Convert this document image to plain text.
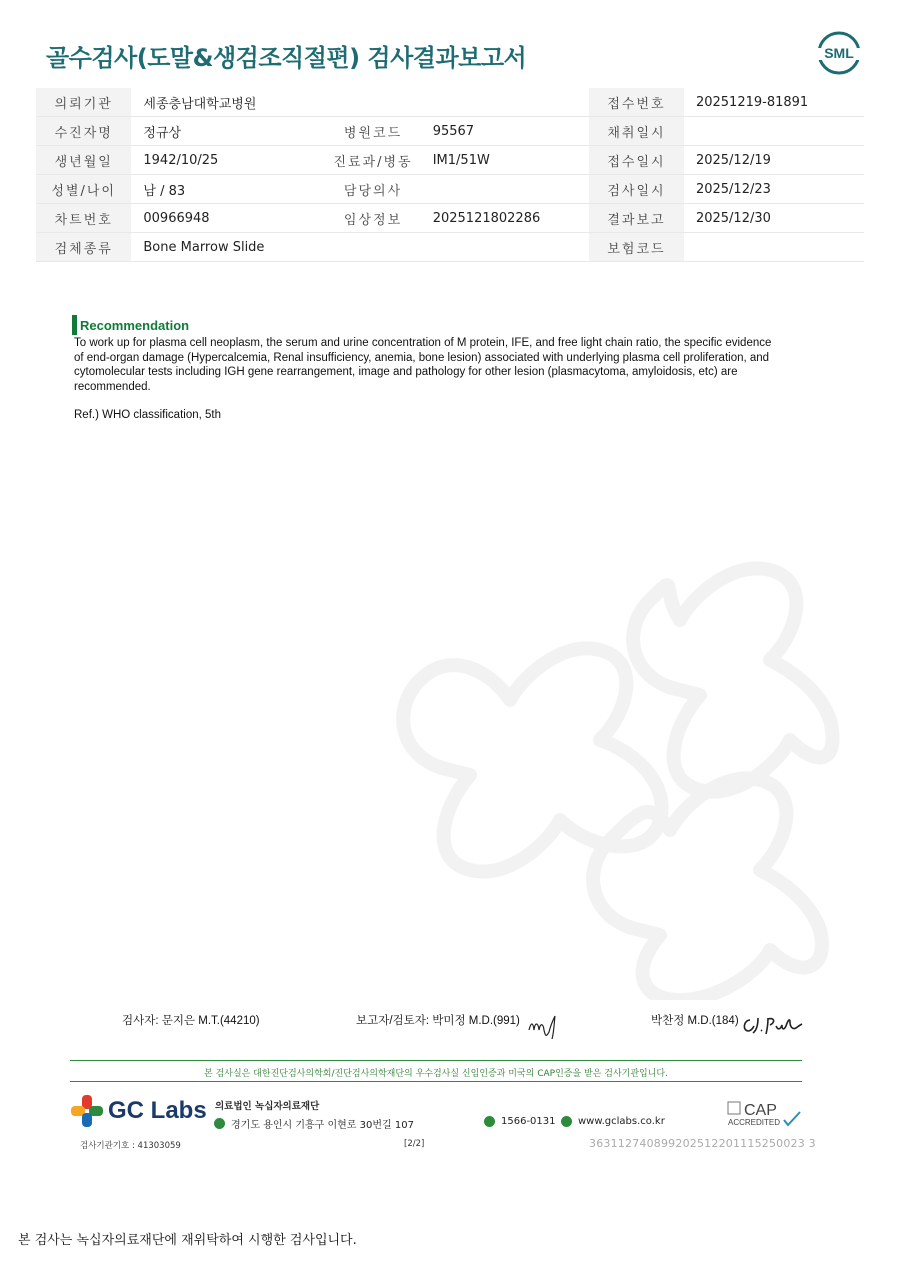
골수검사(도말&생검조직절편) 검사결과보고서	SML
의뢰기관	세종충남대학교병원			접수번호	20251219-81891
수진자명	정규상	병원코드	95567	채취일시	
생년월일	1942/10/25	진료과/병동	IM1/51W	접수일시	2025/12/19
성별/나이	남 / 83	담당의사		검사일시	2025/12/23
차트번호	00966948	임상정보	2025121802286	결과보고	2025/12/30
검체종류	Bone Marrow Slide			보험코드	
Recommendation
To work up for plasma cell neoplasm, the serum and urine concentration of M protein, IFE, and free light chain ratio, the specific evidence of end-organ damage (Hypercalcemia, Renal insufficiency, anemia, bone lesion) associated with underlying plasma cell proliferation, and cytomolecular tests including IGH gene rearrangement, image and pathology for other lesion (plasmacytoma, amyloidosis, etc) are recommended.
Ref.) WHO classification, 5th
검사자: 문지은 M.T.(44210)	보고자/검토자: 박미정 M.D.(991)	박찬정 M.D.(184)
본 검사실은 대한진단검사의학회/진단검사의학재단의 우수검사실 신임인증과 미국의 CAP인증을 받은 검사기관입니다.
GC Labs 의료법인 녹십자의료재단
경기도 용인시 기흥구 이현로 30번길 107	1566-0131 www.gclabs.co.kr
CAP
ACCREDITED
검사기관기호 : 41303059	[2/2]	363112740899202512201115250023 3
본 검사는 녹십자의료재단에 재위탁하여 시행한 검사입니다.
